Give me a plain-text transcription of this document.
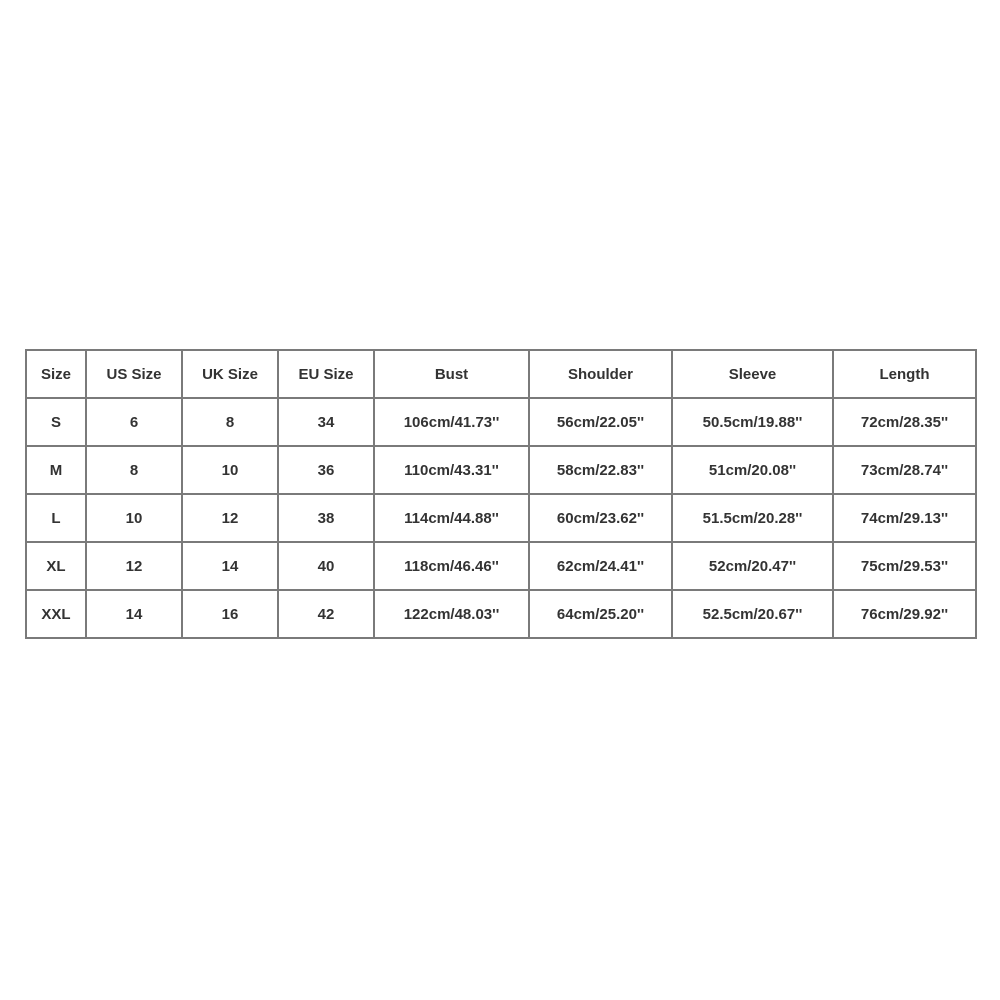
Size	US Size	UK Size	EU Size	Bust	Shoulder	Sleeve	Length
S	6	8	34	106cm/41.73''	56cm/22.05''	50.5cm/19.88''	72cm/28.35''
M	8	10	36	110cm/43.31''	58cm/22.83''	51cm/20.08''	73cm/28.74''
L	10	12	38	114cm/44.88''	60cm/23.62''	51.5cm/20.28''	74cm/29.13''
XL	12	14	40	118cm/46.46''	62cm/24.41''	52cm/20.47''	75cm/29.53''
XXL	14	16	42	122cm/48.03''	64cm/25.20''	52.5cm/20.67''	76cm/29.92''
